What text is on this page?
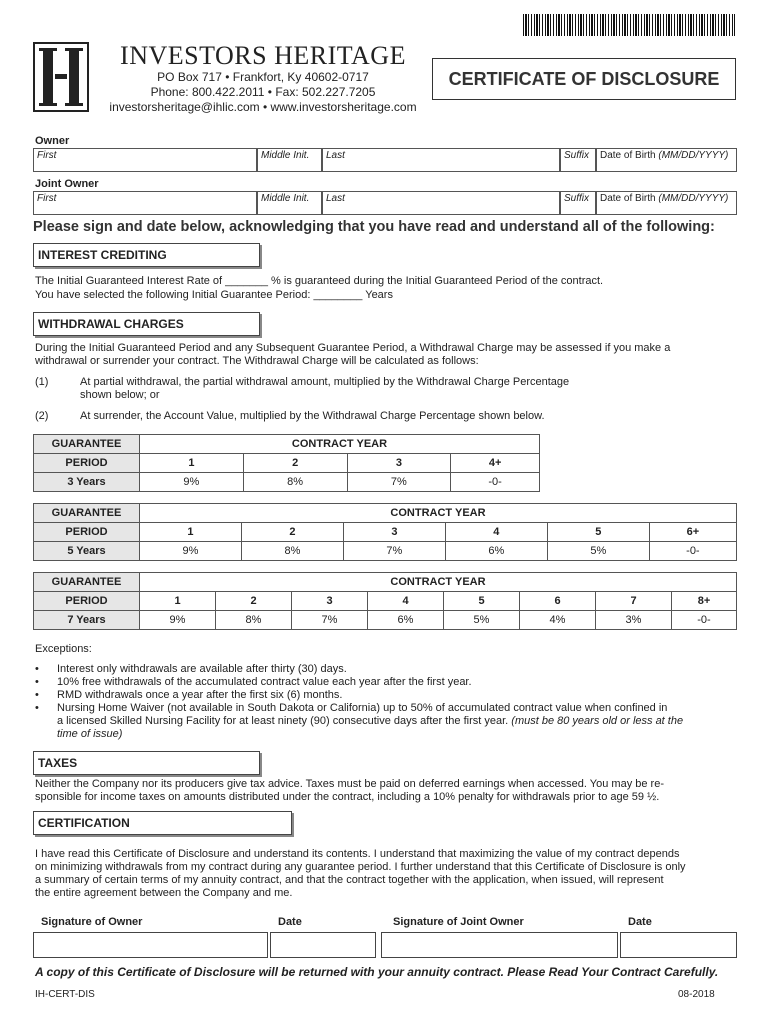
INVESTORS HERITAGE
PO Box 717 • Frankfort, Ky 40602-0717
Phone: 800.422.2011 • Fax: 502.227.7205
investorsheritage@ihlic.com • www.investorsheritage.com
CERTIFICATE OF DISCLOSURE
Owner
First	Middle Init.	Last	Suffix	Date of Birth (MM/DD/YYYY)
Joint Owner
First	Middle Init.	Last	Suffix	Date of Birth (MM/DD/YYYY)
Please sign and date below, acknowledging that you have read and understand all of the following:
INTEREST CREDITING
The Initial Guaranteed Interest Rate of _______ % is guaranteed during the Initial Guaranteed Period of the contract.
You have selected the following Initial Guarantee Period: ________ Years
WITHDRAWAL CHARGES
During the Initial Guaranteed Period and any Subsequent Guarantee Period, a Withdrawal Charge may be assessed if you make a
withdrawal or surrender your contract. The Withdrawal Charge will be calculated as follows:
(1)	At partial withdrawal, the partial withdrawal amount, multiplied by the Withdrawal Charge Percentage
shown below; or
(2)	At surrender, the Account Value, multiplied by the Withdrawal Charge Percentage shown below.
GUARANTEE	CONTRACT YEAR			
PERIOD	1	2	3	4+
3 Years	9%	8%	7%	-0-
GUARANTEE	CONTRACT YEAR					
PERIOD	1	2	3	4	5	6+
5 Years	9%	8%	7%	6%	5%	-0-
GUARANTEE	CONTRACT YEAR							
PERIOD	1	2	3	4	5	6	7	8+
7 Years	9%	8%	7%	6%	5%	4%	3%	-0-
Exceptions:
• Interest only withdrawals are available after thirty (30) days.
• 10% free withdrawals of the accumulated contract value each year after the first year.
• RMD withdrawals once a year after the first six (6) months.
• Nursing Home Waiver (not available in South Dakota or California) up to 50% of accumulated contract value when confined in
a licensed Skilled Nursing Facility for at least ninety (90) consecutive days after the first year. (must be 80 years old or less at the
time of issue)
TAXES
Neither the Company nor its producers give tax advice. Taxes must be paid on deferred earnings when accessed. You may be re-
sponsible for income taxes on amounts distributed under the contract, including a 10% penalty for withdrawals prior to age 59 ½.
CERTIFICATION
I have read this Certificate of Disclosure and understand its contents. I understand that maximizing the value of my contract depends
on minimizing withdrawals from my contract during any guarantee period. I further understand that this Certificate of Disclosure is only
a summary of certain terms of my annuity contract, and that the contract together with the application, when issued, will represent
the entire agreement between the Company and me.
Signature of Owner	Date	Signature of Joint Owner	Date
A copy of this Certificate of Disclosure will be returned with your annuity contract. Please Read Your Contract Carefully.
IH-CERT-DIS	08-2018
